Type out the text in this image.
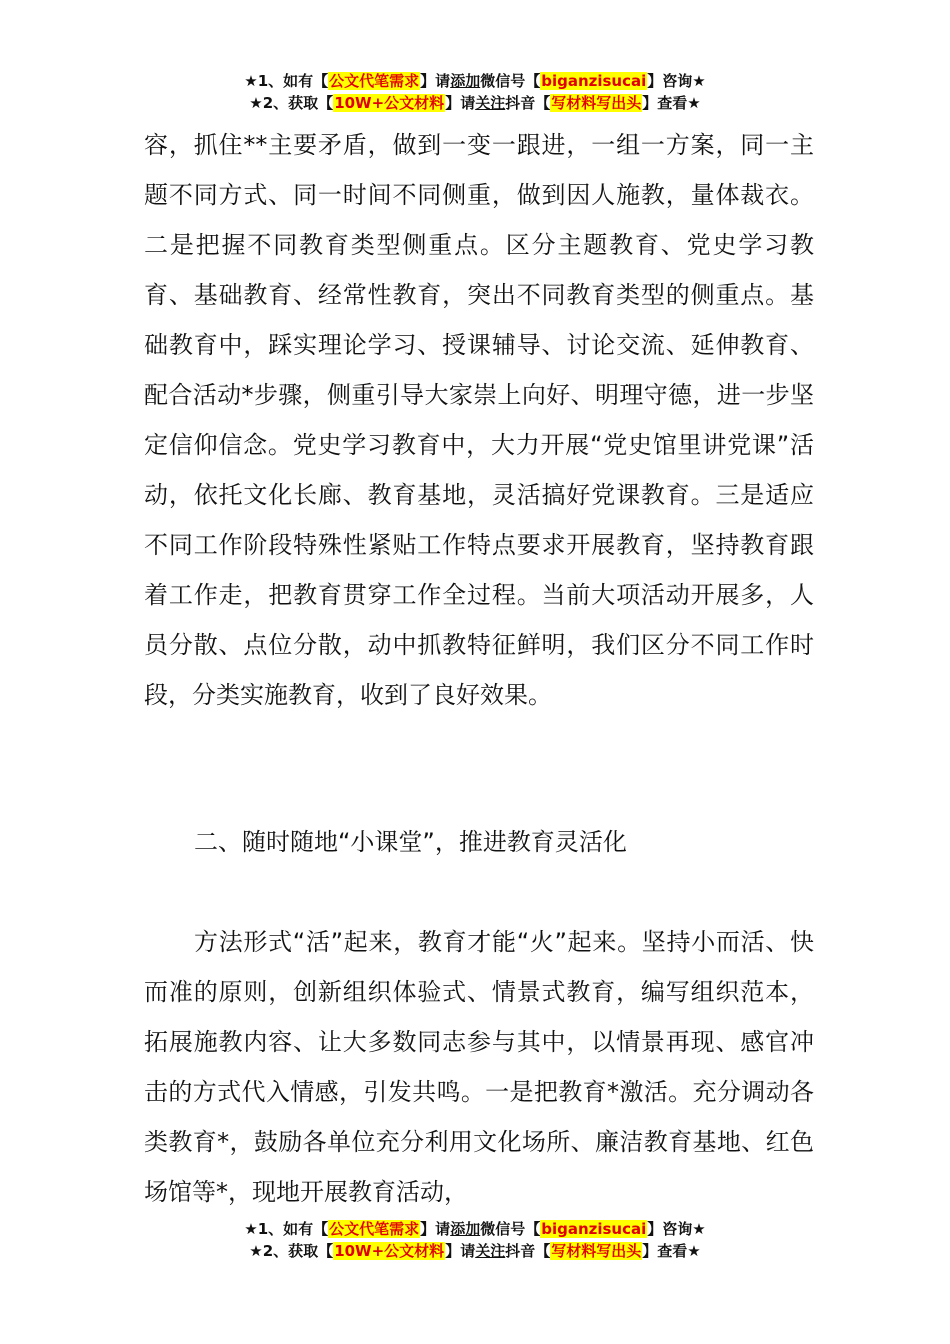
★1、如有【公文代笔需求】请添加微信号【biganzisucai】咨询★
★2、获取【10W+公文材料】请关注抖音【写材料写出头】查看★

容，抓住**主要矛盾，做到一变一跟进，一组一方案，同一主题不同方式、同一时间不同侧重，做到因人施教，量体裁衣。二是把握不同教育类型侧重点。区分主题教育、党史学习教育、基础教育、经常性教育，突出不同教育类型的侧重点。基础教育中，踩实理论学习、授课辅导、讨论交流、延伸教育、配合活动*步骤，侧重引导大家崇上向好、明理守德，进一步坚定信仰信念。党史学习教育中，大力开展“党史馆里讲党课”活动，依托文化长廊、教育基地，灵活搞好党课教育。三是适应不同工作阶段特殊性紧贴工作特点要求开展教育，坚持教育跟着工作走，把教育贯穿工作全过程。当前大项活动开展多，人员分散、点位分散，动中抓教特征鲜明，我们区分不同工作时段，分类实施教育，收到了良好效果。

二、随时随地“小课堂”，推进教育灵活化

方法形式“活”起来，教育才能“火”起来。坚持小而活、快而准的原则，创新组织体验式、情景式教育，编写组织范本，拓展施教内容、让大多数同志参与其中，以情景再现、感官冲击的方式代入情感，引发共鸣。一是把教育*激活。充分调动各类教育*，鼓励各单位充分利用文化场所、廉洁教育基地、红色场馆等*，现地开展教育活动，

★1、如有【公文代笔需求】请添加微信号【biganzisucai】咨询★
★2、获取【10W+公文材料】请关注抖音【写材料写出头】查看★
